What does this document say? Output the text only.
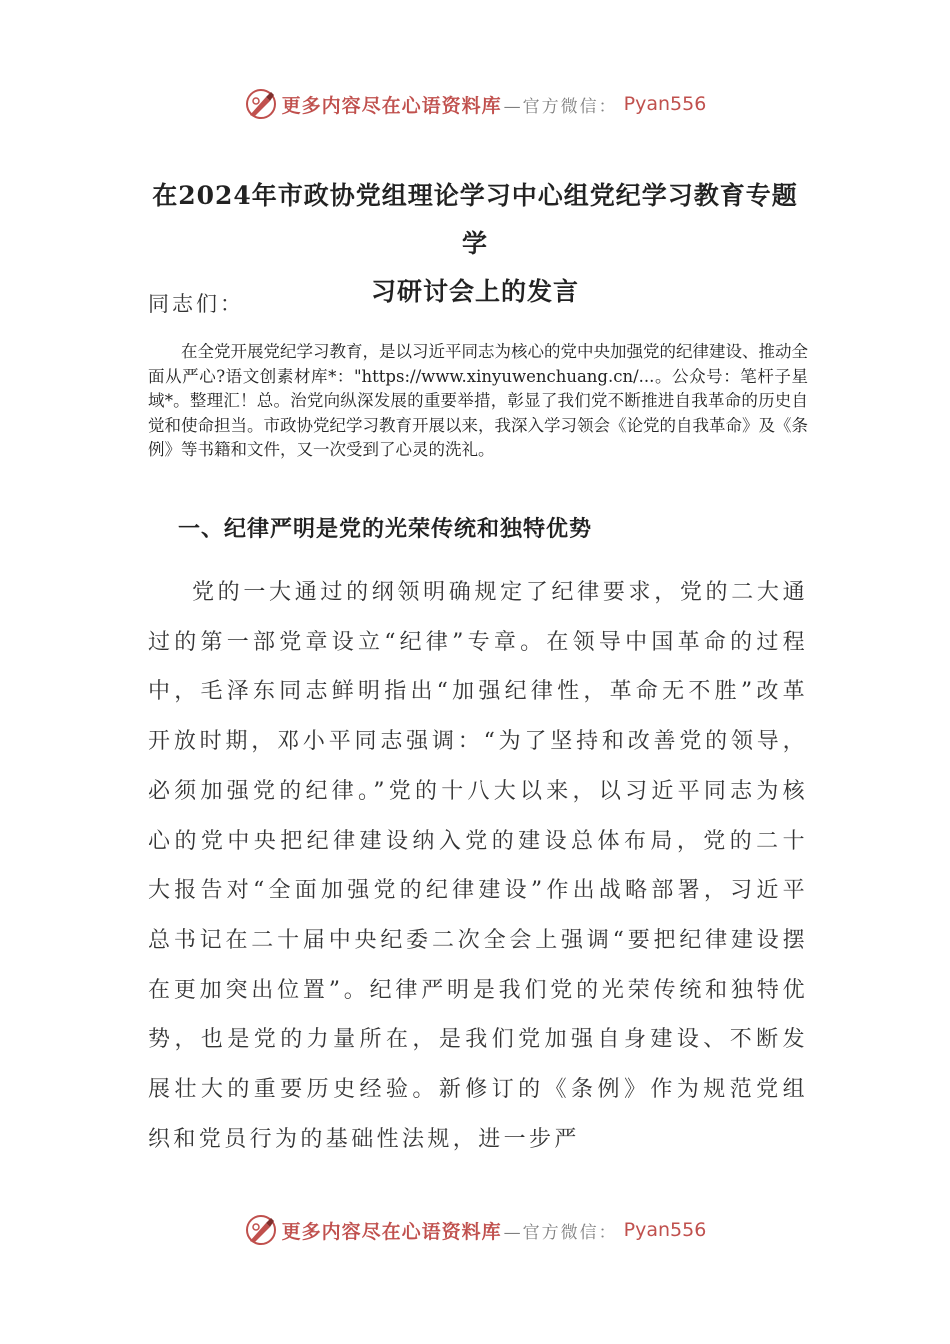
更多内容尽在心语资料库 —官方微信： Pyan556
在2024年市政协党组理论学习中心组党纪学习教育专题学
习研讨会上的发言
同志们：
在全党开展党纪学习教育，是以习近平同志为核心的党中央加强党的纪律建设、推动全面从严心?语文创素材库*："https://www.xinyuwenchuang.cn/...。公众号：笔杆子星域*。整理汇！总。治党向纵深发展的重要举措，彰显了我们党不断推进自我革命的历史自觉和使命担当。市政协党纪学习教育开展以来，我深入学习领会《论党的自我革命》及《条例》等书籍和文件，又一次受到了心灵的洗礼。
一、纪律严明是党的光荣传统和独特优势
党的一大通过的纲领明确规定了纪律要求，党的二大通过的第一部党章设立“纪律”专章。在领导中国革命的过程中，毛泽东同志鲜明指出“加强纪律性，革命无不胜”改革开放时期，邓小平同志强调：“为了坚持和改善党的领导，必须加强党的纪律。”党的十八大以来，以习近平同志为核心的党中央把纪律建设纳入党的建设总体布局，党的二十大报告对“全面加强党的纪律建设”作出战略部署，习近平总书记在二十届中央纪委二次全会上强调“要把纪律建设摆在更加突出位置”。纪律严明是我们党的光荣传统和独特优势，也是党的力量所在，是我们党加强自身建设、不断发展壮大的重要历史经验。新修订的《条例》作为规范党组织和党员行为的基础性法规，进一步严
更多内容尽在心语资料库 —官方微信： Pyan556
